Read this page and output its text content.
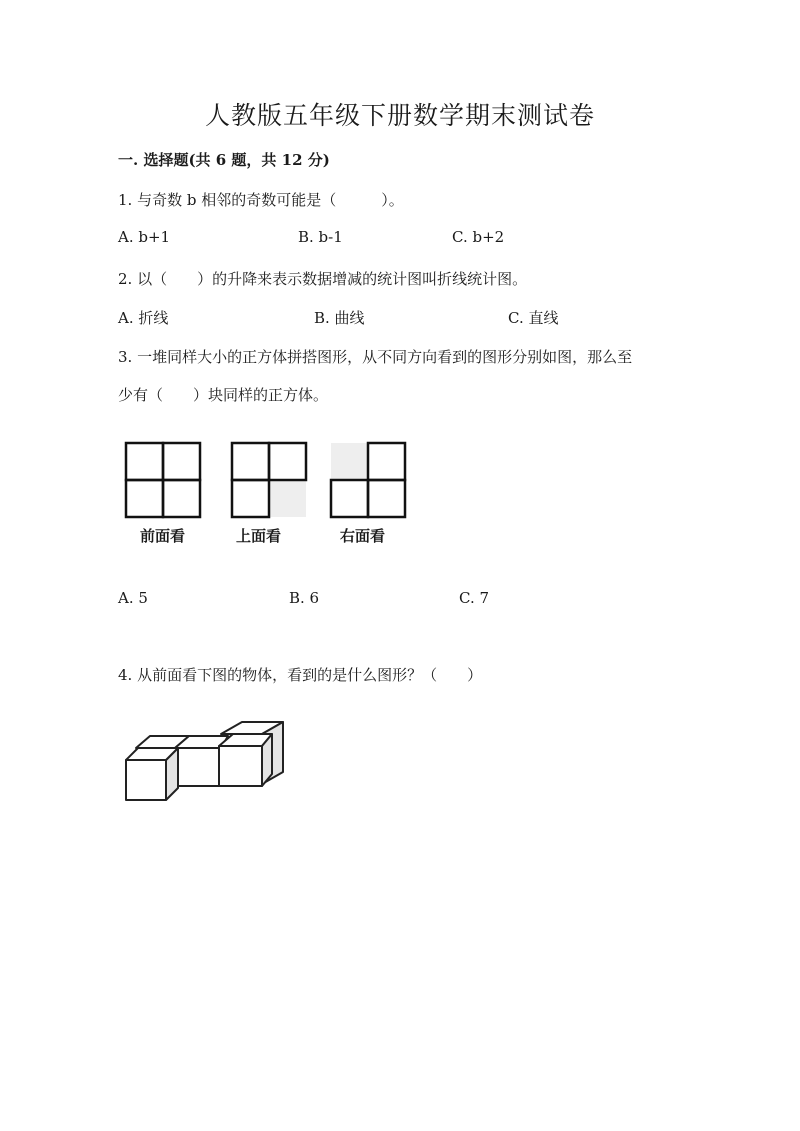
人教版五年级下册数学期末测试卷
一. 选择题(共 6 题，共 12 分)
1. 与奇数 b 相邻的奇数可能是（　　　）。
A. b+1	B. b-1	C. b+2
2. 以（　　）的升降来表示数据增减的统计图叫折线统计图。
A. 折线	B. 曲线	C. 直线
3. 一堆同样大小的正方体拼搭图形，从不同方向看到的图形分别如图，那么至
少有（　　）块同样的正方体。
前面看	上面看	右面看
A. 5	B. 6	C. 7
4. 从前面看下图的物体，看到的是什么图形？（　　）
